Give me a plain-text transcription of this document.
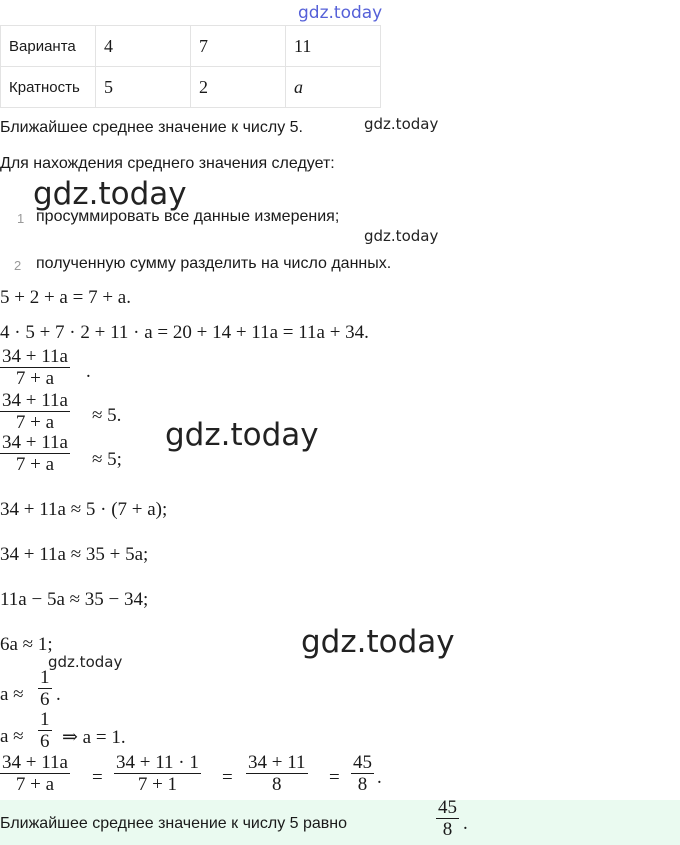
gdz.today
gdz.today
gdz.today
gdz.today
gdz.today
gdz.today
gdz.today
Варианта	4	7	11
Кратность	5	2	a
Ближайшее среднее значение к числу 5.
Для нахождения среднего значения следует:
1 просуммировать все данные измерения;
2 полученную сумму разделить на число данных.
5 + 2 + a = 7 + a.
4 · 5 + 7 · 2 + 11 · a = 20 + 14 + 11a = 11a + 34.
34 + 11a
7 + a .
34 + 11a
7 + a ≈ 5.
34 + 11a
7 + a ≈ 5;
34 + 11a ≈ 5 · (7 + a);
34 + 11a ≈ 35 + 5a;
11a − 5a ≈ 35 − 34;
6a ≈ 1;
a ≈
1
6 .
a ≈
1
6 ⇒ a = 1.
34 + 11a
7 + a =
34 + 11 · 1
7 + 1 =
34 + 11
8	=
45
8 .
Ближайшее среднее значение к числу 5 равно
45
8 .
